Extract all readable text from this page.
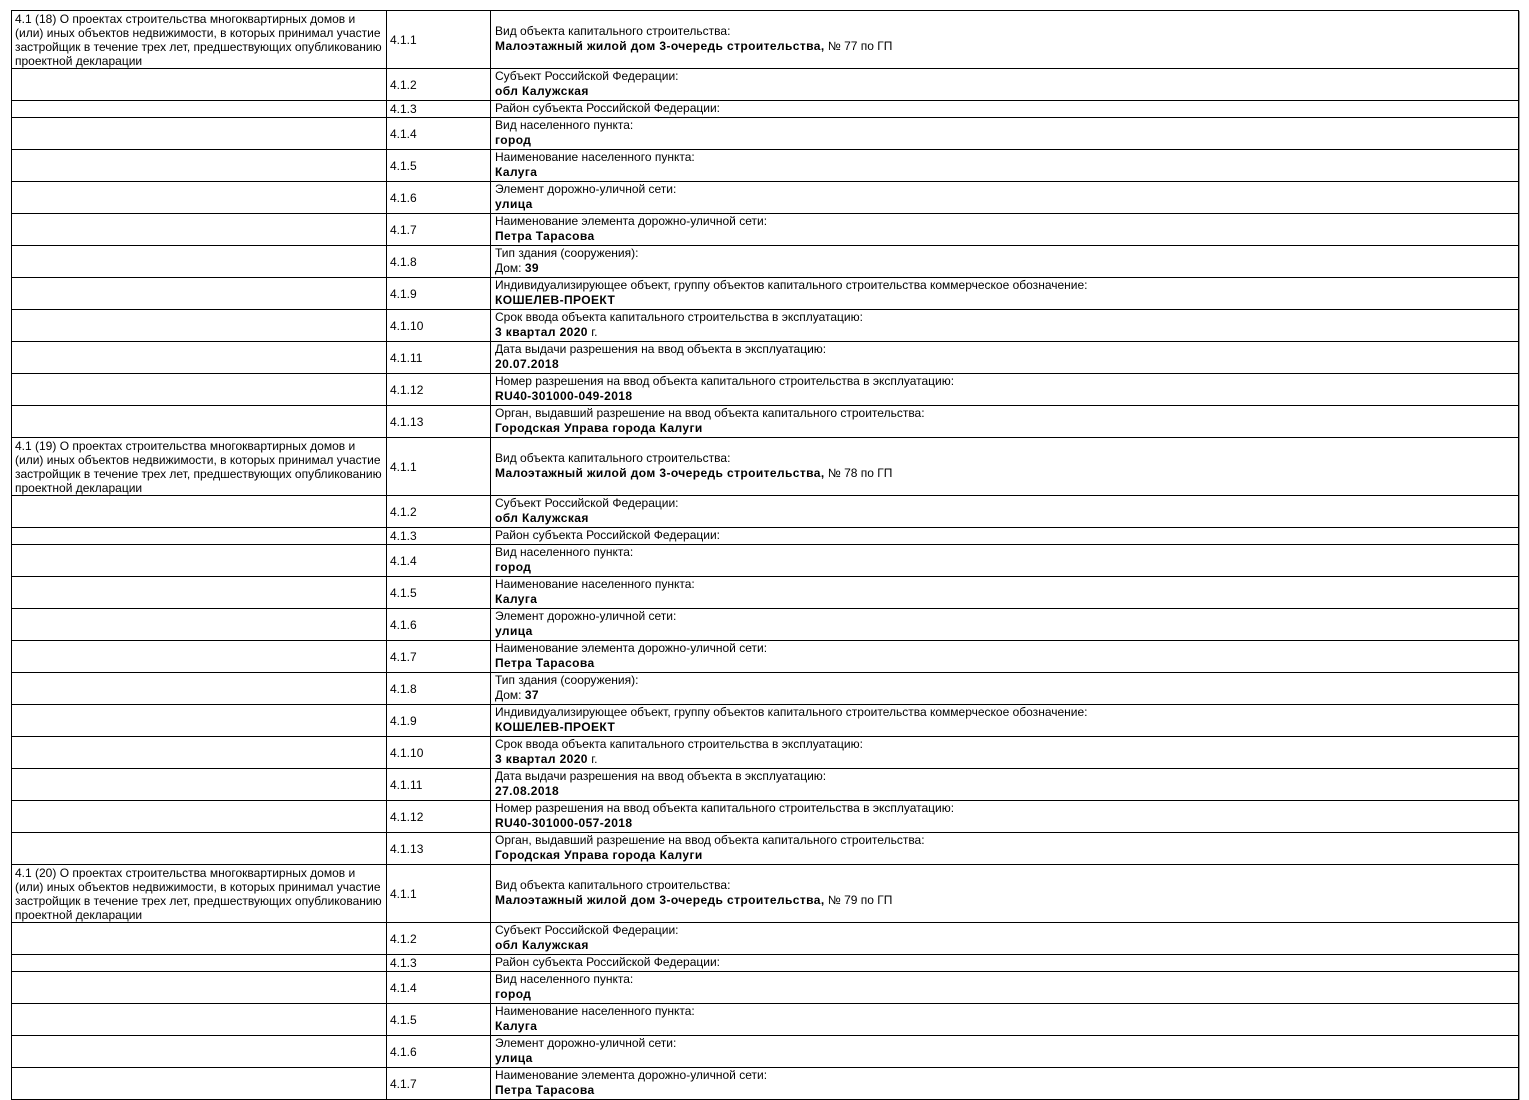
4.1 (18) О проектах строительства многоквартирных домов и (или) иных объектов недвижимости, в которых принимал участие застройщик в течение трех лет, предшествующих опубликованию проектной декларации	4.1.1	Вид объекта капитального строительства:
Малоэтажный жилой дом 3-очередь строительства, № 77 по ГП

	4.1.2	Субъект Российской Федерации:
обл Калужская

	4.1.3	Район субъекта Российской Федерации:

	4.1.4	Вид населенного пункта:
город

	4.1.5	Наименование населенного пункта:
Калуга

	4.1.6	Элемент дорожно-уличной сети:
улица

	4.1.7	Наименование элемента дорожно-уличной сети:
Петра Тарасова

	4.1.8	Тип здания (сооружения):
Дом: 39

	4.1.9	Индивидуализирующее объект, группу объектов капитального строительства коммерческое обозначение:
КОШЕЛЕВ-ПРОЕКТ

	4.1.10	Срок ввода объекта капитального строительства в эксплуатацию:
3 квартал 2020 г.

	4.1.11	Дата выдачи разрешения на ввод объекта в эксплуатацию:
20.07.2018

	4.1.12	Номер разрешения на ввод объекта капитального строительства в эксплуатацию:
RU40-301000-049-2018

	4.1.13	Орган, выдавший разрешение на ввод объекта капитального строительства:
Городская Управа города Калуги

4.1 (19) О проектах строительства многоквартирных домов и (или) иных объектов недвижимости, в которых принимал участие застройщик в течение трех лет, предшествующих опубликованию проектной декларации	4.1.1	Вид объекта капитального строительства:
Малоэтажный жилой дом 3-очередь строительства, № 78 по ГП

	4.1.2	Субъект Российской Федерации:
обл Калужская

	4.1.3	Район субъекта Российской Федерации:

	4.1.4	Вид населенного пункта:
город

	4.1.5	Наименование населенного пункта:
Калуга

	4.1.6	Элемент дорожно-уличной сети:
улица

	4.1.7	Наименование элемента дорожно-уличной сети:
Петра Тарасова

	4.1.8	Тип здания (сооружения):
Дом: 37

	4.1.9	Индивидуализирующее объект, группу объектов капитального строительства коммерческое обозначение:
КОШЕЛЕВ-ПРОЕКТ

	4.1.10	Срок ввода объекта капитального строительства в эксплуатацию:
3 квартал 2020 г.

	4.1.11	Дата выдачи разрешения на ввод объекта в эксплуатацию:
27.08.2018

	4.1.12	Номер разрешения на ввод объекта капитального строительства в эксплуатацию:
RU40-301000-057-2018

	4.1.13	Орган, выдавший разрешение на ввод объекта капитального строительства:
Городская Управа города Калуги

4.1 (20) О проектах строительства многоквартирных домов и (или) иных объектов недвижимости, в которых принимал участие застройщик в течение трех лет, предшествующих опубликованию проектной декларации	4.1.1	Вид объекта капитального строительства:
Малоэтажный жилой дом 3-очередь строительства, № 79 по ГП

	4.1.2	Субъект Российской Федерации:
обл Калужская

	4.1.3	Район субъекта Российской Федерации:

	4.1.4	Вид населенного пункта:
город

	4.1.5	Наименование населенного пункта:
Калуга

	4.1.6	Элемент дорожно-уличной сети:
улица

	4.1.7	Наименование элемента дорожно-уличной сети:
Петра Тарасова
